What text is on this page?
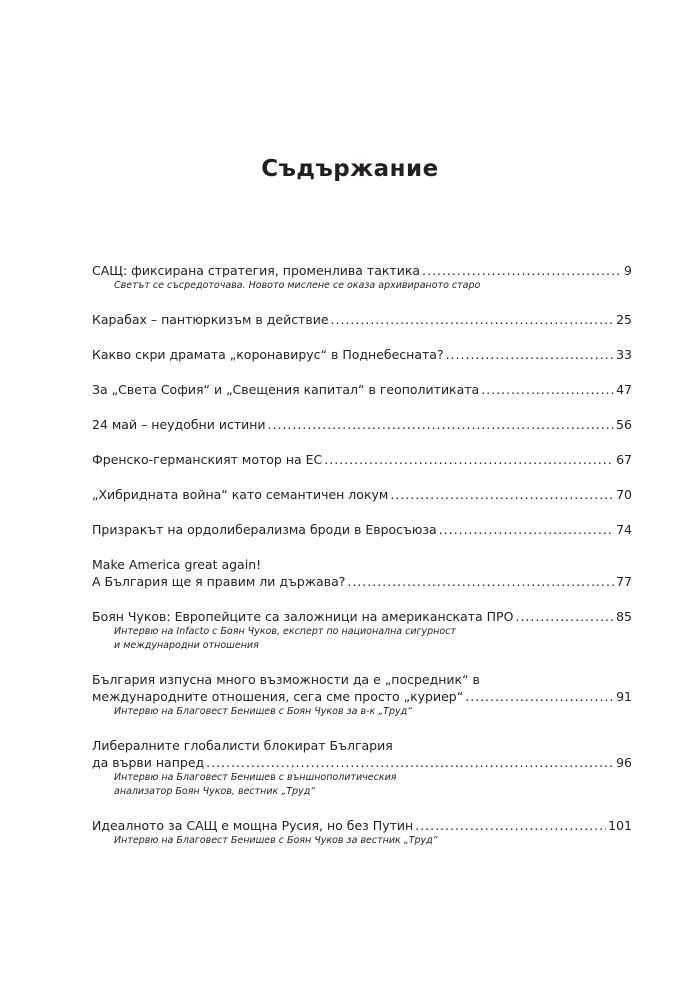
Съдържание
САЩ: фиксирана стратегия, променлива тактика .....	9
Светът се съсредоточава. Новото мислене се оказа архивираното старо
Карабах – пантюркизъм в действие .....	25
Какво скри драмата „коронавирус“ в Поднебесната? .....	33
За „Света София“ и „Свещения капитал“ в геополитиката .....	47
24 май – неудобни истини .....	56
Френско-германският мотор на ЕС .....	67
„Хибридната война“ като семантичен локум .....	70
Призракът на ордолиберализма броди в Евросъюза .....	74
Make America great again!
А България ще я правим ли държава? .....	77
Боян Чуков: Европейците са заложници на американската ПРО .....	85
Интервю на Infacto с Боян Чуков, експерт по национална сигурност
и международни отношения
България изпусна много възможности да е „посредник“ в
международните отношения, сега сме просто „куриер“ .....	91
Интервю на Благовест Бенишев с Боян Чуков за в-к „Труд“
Либералните глобалисти блокират България
да върви напред .....	96
Интервю на Благовест Бенишев с външнополитическия
анализатор Боян Чуков, вестник „Труд“
Идеалното за САЩ е мощна Русия, но без Путин .....	101
Интервю на Благовест Бенишев с Боян Чуков за вестник „Труд“
